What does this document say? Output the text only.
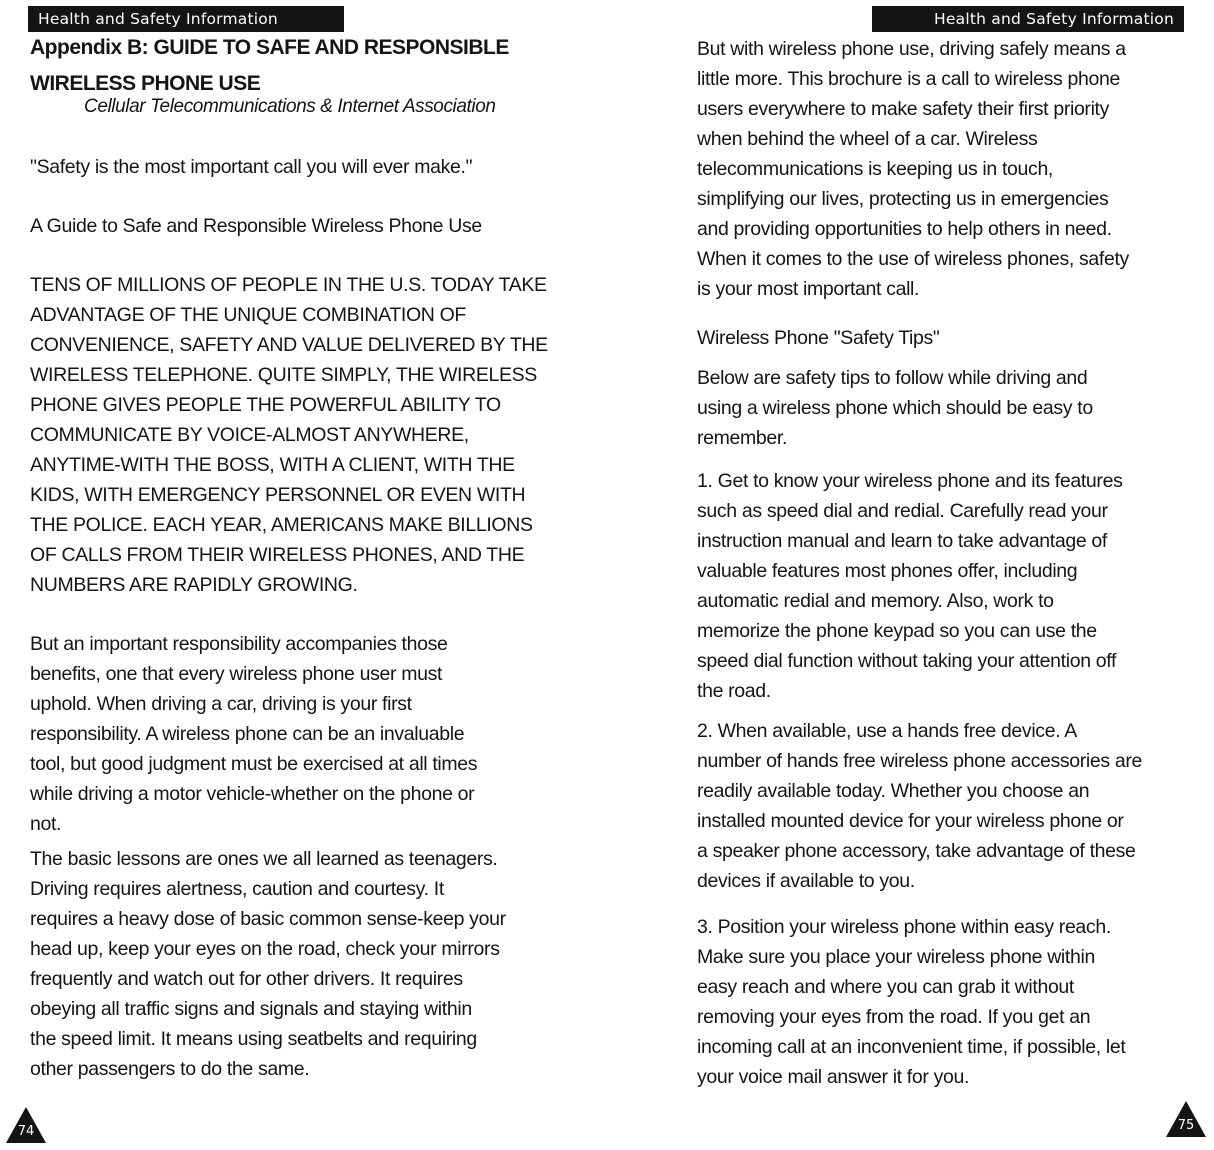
Health and Safety Information
Appendix B: GUIDE TO SAFE AND RESPONSIBLE
WIRELESS PHONE USE
Cellular Telecommunications & Internet Association
"Safety is the most important call you will ever make."
A Guide to Safe and Responsible Wireless Phone Use
TENS OF MILLIONS OF PEOPLE IN THE U.S. TODAY TAKE
ADVANTAGE OF THE UNIQUE COMBINATION OF
CONVENIENCE, SAFETY AND VALUE DELIVERED BY THE
WIRELESS TELEPHONE. QUITE SIMPLY, THE WIRELESS
PHONE GIVES PEOPLE THE POWERFUL ABILITY TO
COMMUNICATE BY VOICE-ALMOST ANYWHERE,
ANYTIME-WITH THE BOSS, WITH A CLIENT, WITH THE
KIDS, WITH EMERGENCY PERSONNEL OR EVEN WITH
THE POLICE. EACH YEAR, AMERICANS MAKE BILLIONS
OF CALLS FROM THEIR WIRELESS PHONES, AND THE
NUMBERS ARE RAPIDLY GROWING.
But an important responsibility accompanies those
benefits, one that every wireless phone user must
uphold. When driving a car, driving is your first
responsibility. A wireless phone can be an invaluable
tool, but good judgment must be exercised at all times
while driving a motor vehicle-whether on the phone or
not.
The basic lessons are ones we all learned as teenagers.
Driving requires alertness, caution and courtesy. It
requires a heavy dose of basic common sense-keep your
head up, keep your eyes on the road, check your mirrors
frequently and watch out for other drivers. It requires
obeying all traffic signs and signals and staying within
the speed limit. It means using seatbelts and requiring
other passengers to do the same.
74
Health and Safety Information
But with wireless phone use, driving safely means a
little more. This brochure is a call to wireless phone
users everywhere to make safety their first priority
when behind the wheel of a car. Wireless
telecommunications is keeping us in touch,
simplifying our lives, protecting us in emergencies
and providing opportunities to help others in need.
When it comes to the use of wireless phones, safety
is your most important call.
Wireless Phone "Safety Tips"
Below are safety tips to follow while driving and
using a wireless phone which should be easy to
remember.
1. Get to know your wireless phone and its features
such as speed dial and redial. Carefully read your
instruction manual and learn to take advantage of
valuable features most phones offer, including
automatic redial and memory. Also, work to
memorize the phone keypad so you can use the
speed dial function without taking your attention off
the road.
2. When available, use a hands free device. A
number of hands free wireless phone accessories are
readily available today. Whether you choose an
installed mounted device for your wireless phone or
a speaker phone accessory, take advantage of these
devices if available to you.
3. Position your wireless phone within easy reach.
Make sure you place your wireless phone within
easy reach and where you can grab it without
removing your eyes from the road. If you get an
incoming call at an inconvenient time, if possible, let
your voice mail answer it for you.
75
